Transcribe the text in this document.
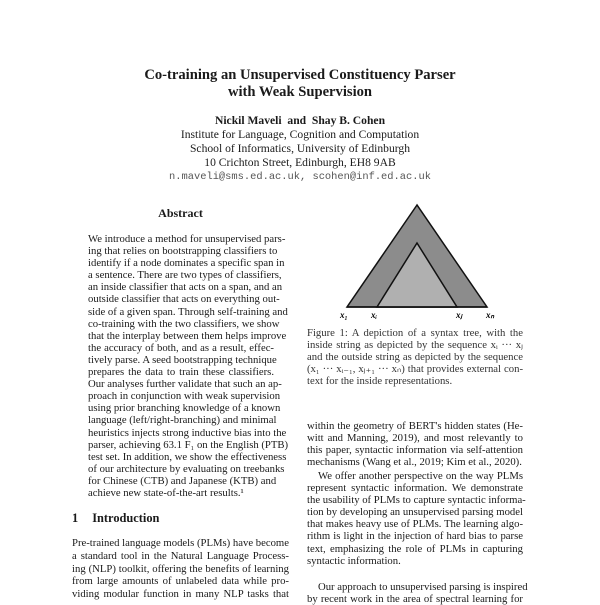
Co-training an Unsupervised Constituency Parser
with Weak Supervision
Nickil Maveli  and  Shay B. Cohen
Institute for Language, Cognition and Computation
School of Informatics, University of Edinburgh
10 Crichton Street, Edinburgh, EH8 9AB
n.maveli@sms.ed.ac.uk, scohen@inf.ed.ac.uk
Abstract
We introduce a method for unsupervised pars-
ing that relies on bootstrapping classifiers to
identify if a node dominates a specific span in
a sentence. There are two types of classifiers,
an inside classifier that acts on a span, and an
outside classifier that acts on everything out-
side of a given span. Through self-training and
co-training with the two classifiers, we show
that the interplay between them helps improve
the accuracy of both, and as a result, effec-
tively parse. A seed bootstrapping technique
prepares the data to train these classifiers.
Our analyses further validate that such an ap-
proach in conjunction with weak supervision
using prior branching knowledge of a known
language (left/right-branching) and minimal
heuristics injects strong inductive bias into the
parser, achieving 63.1 F₁ on the English (PTB)
test set. In addition, we show the effectiveness
of our architecture by evaluating on treebanks
for Chinese (CTB) and Japanese (KTB) and
achieve new state-of-the-art results.¹
1 Introduction
Pre-trained language models (PLMs) have become
a standard tool in the Natural Language Process-
ing (NLP) toolkit, offering the benefits of learning
from large amounts of unlabeled data while pro-
viding modular function in many NLP tasks that
x₁	xᵢ	xⱼ	xₙ
Figure 1: A depiction of a syntax tree, with the
inside string as depicted by the sequence xᵢ ··· xⱼ
and the outside string as depicted by the sequence
(x₁ ··· xᵢ₋₁, xⱼ₊₁ ··· xₙ) that provides external con-
text for the inside representations.
within the geometry of BERT's hidden states (He-
witt and Manning, 2019), and most relevantly to
this paper, syntactic information via self-attention
mechanisms (Wang et al., 2019; Kim et al., 2020).
We offer another perspective on the way PLMs
represent syntactic information. We demonstrate
the usability of PLMs to capture syntactic informa-
tion by developing an unsupervised parsing model
that makes heavy use of PLMs. The learning algo-
rithm is light in the injection of hard bias to parse
text, emphasizing the role of PLMs in capturing
syntactic information.
Our approach to unsupervised parsing is inspired
by recent work in the area of spectral learning for
